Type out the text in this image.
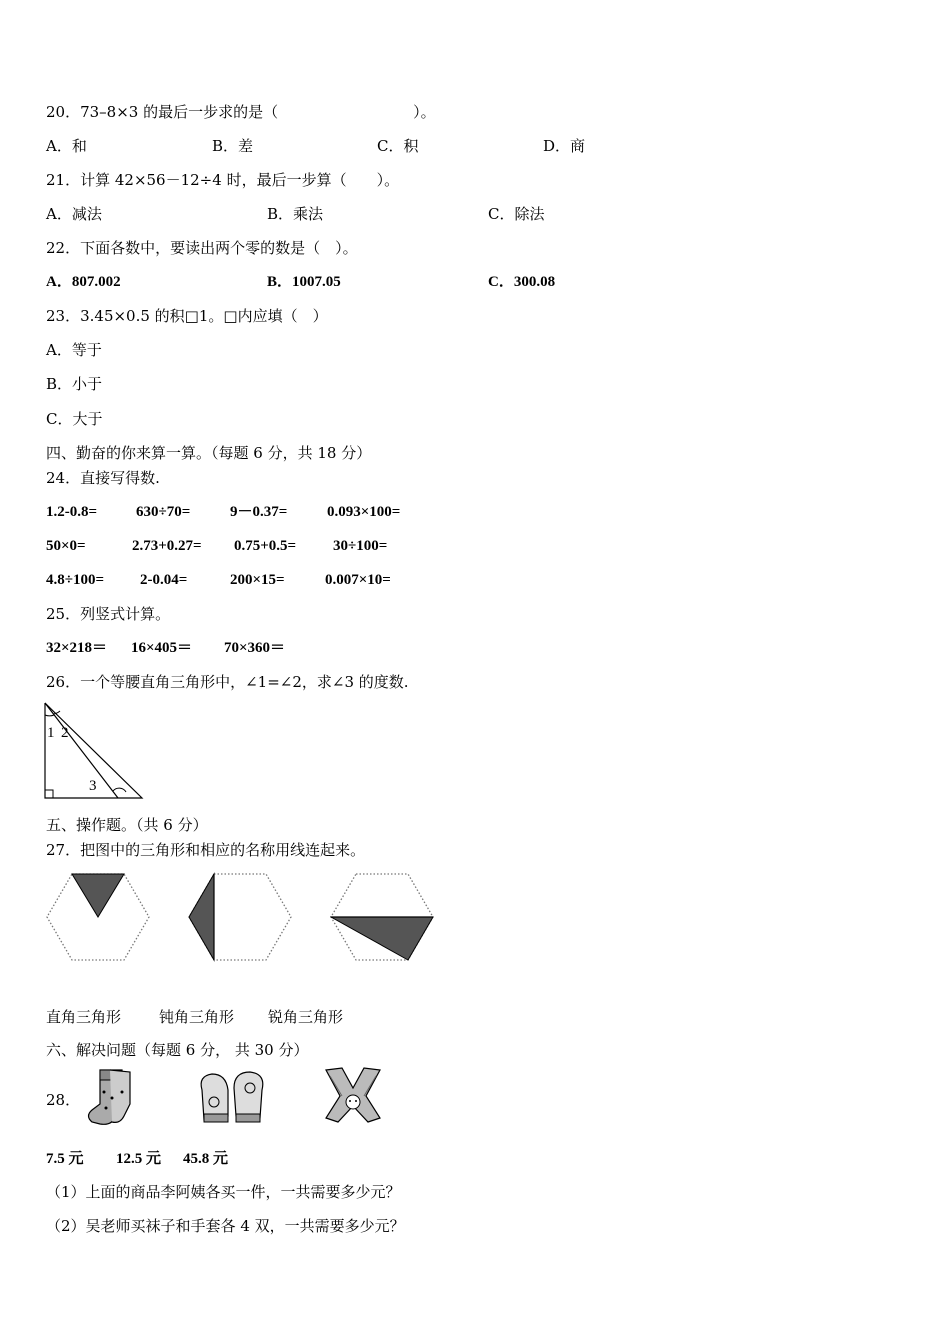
20．73–8×3 的最后一步求的是（　　　　　　　　　）。
A．和	B．差	C．积	D．商
21．计算 42×56－12÷4 时，最后一步算（　　）。
A．减法	B．乘法	C．除法
22．下面各数中，要读出两个零的数是（　）。
A．807.002	B．1007.05	C．300.08
23．3.45×0.5 的积□1。□内应填（　）
A．等于
B．小于
C．大于
四、勤奋的你来算一算。（每题 6 分，共 18 分）
24．直接写得数.
1.2-0.8=	630÷70=	9－0.37=	0.093×100=
50×0=	2.73+0.27= 0.75+0.5= 30÷100=
4.8÷100= 2-0.04=	200×15=	0.007×10=
25．列竖式计算。
32×218＝ 16×405＝ 70×360＝
26．一个等腰直角三角形中，∠1=∠2，求∠3 的度数.
1 2
3
五、操作题。（共 6 分）
27．把图中的三角形和相应的名称用线连起来。
直角三角形	钝角三角形 锐角三角形
六、解决问题（每题 6 分， 共 30 分）
28．
7.5 元 12.5 元 45.8 元
（1）上面的商品李阿姨各买一件，一共需要多少元？
（2）吴老师买袜子和手套各 4 双，一共需要多少元？
